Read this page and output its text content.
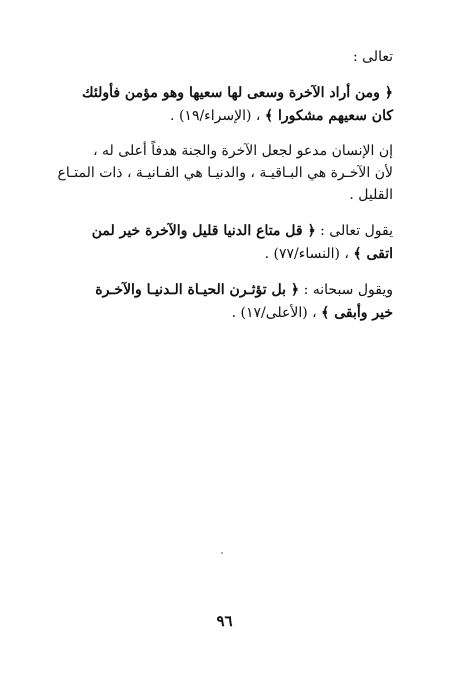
تعالى :
﴿ ومن أراد الآخرة وسعى لها سعيها وهو مؤمن فأولئك
كان سعيهم مشكورا ﴾ ، (الإسراء/١٩) .
إن الإنسان مدعو لجعل الآخرة والجنة هدفاً أعلى له ،
لأن الآخـرة هي البـاقيـة ، والدنيـا هي الفـانيـة ، ذات المتـاع
القليل .
يقول تعالى : ﴿ قل متاع الدنيا قليل والآخرة خير لمن
اتقى ﴾ ، (النساء/٧٧) .
ويقول سبحانه : ﴿ بل تؤثـرن الحيـاة الـدنيـا والآخـرة
خير وأبقى ﴾ ، (الأعلى/١٧) .
٩٦
